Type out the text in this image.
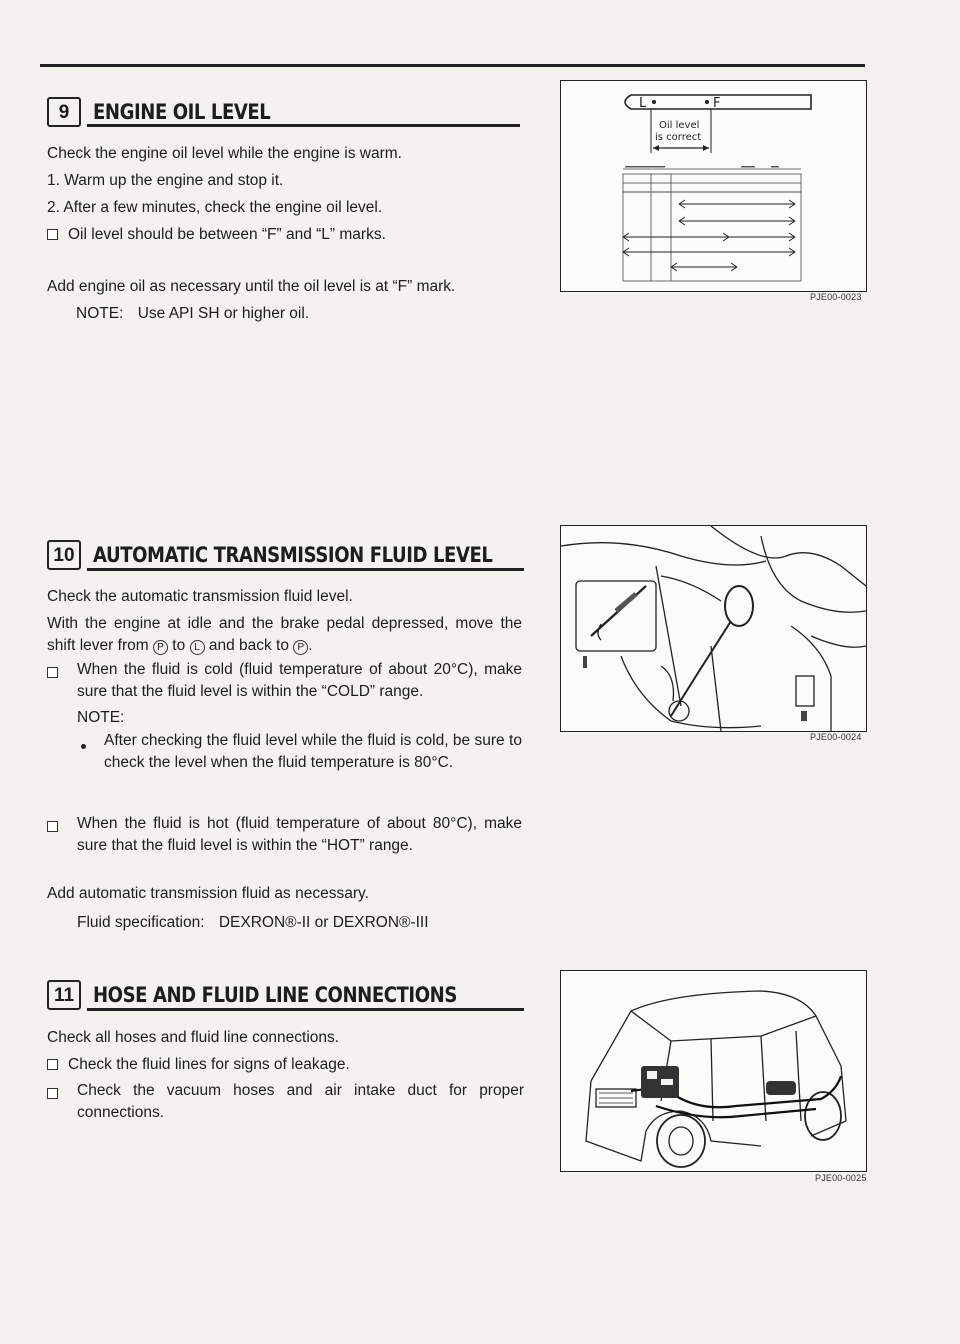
9	ENGINE OIL LEVEL
Check the engine oil level while the engine is warm.
1. Warm up the engine and stop it.
2. After a few minutes, check the engine oil level.
Oil level should be between “F” and “L” marks.
Add engine oil as necessary until the oil level is at “F” mark.
NOTE: Use API SH or higher oil.
L	F
Oil level
is correct
PJE00-0023
10 AUTOMATIC TRANSMISSION FLUID LEVEL
Check the automatic transmission fluid level.
With the engine at idle and the brake pedal depressed, move the shift lever from P to L and back to P .
When the fluid is cold (fluid temperature of about 20°C), make sure that the fluid level is within the “COLD” range.
NOTE:
After checking the fluid level while the fluid is cold, be sure to check the level when the fluid temperature is 80°C.
When the fluid is hot (fluid temperature of about 80°C), make sure that the fluid level is within the “HOT” range.
Add automatic transmission fluid as necessary.
Fluid specification: DEXRON®-II or DEXRON®-III
PJE00-0024
11 HOSE AND FLUID LINE CONNECTIONS
Check all hoses and fluid line connections.
Check the fluid lines for signs of leakage.
Check the vacuum hoses and air intake duct for proper connections.
PJE00-0025
